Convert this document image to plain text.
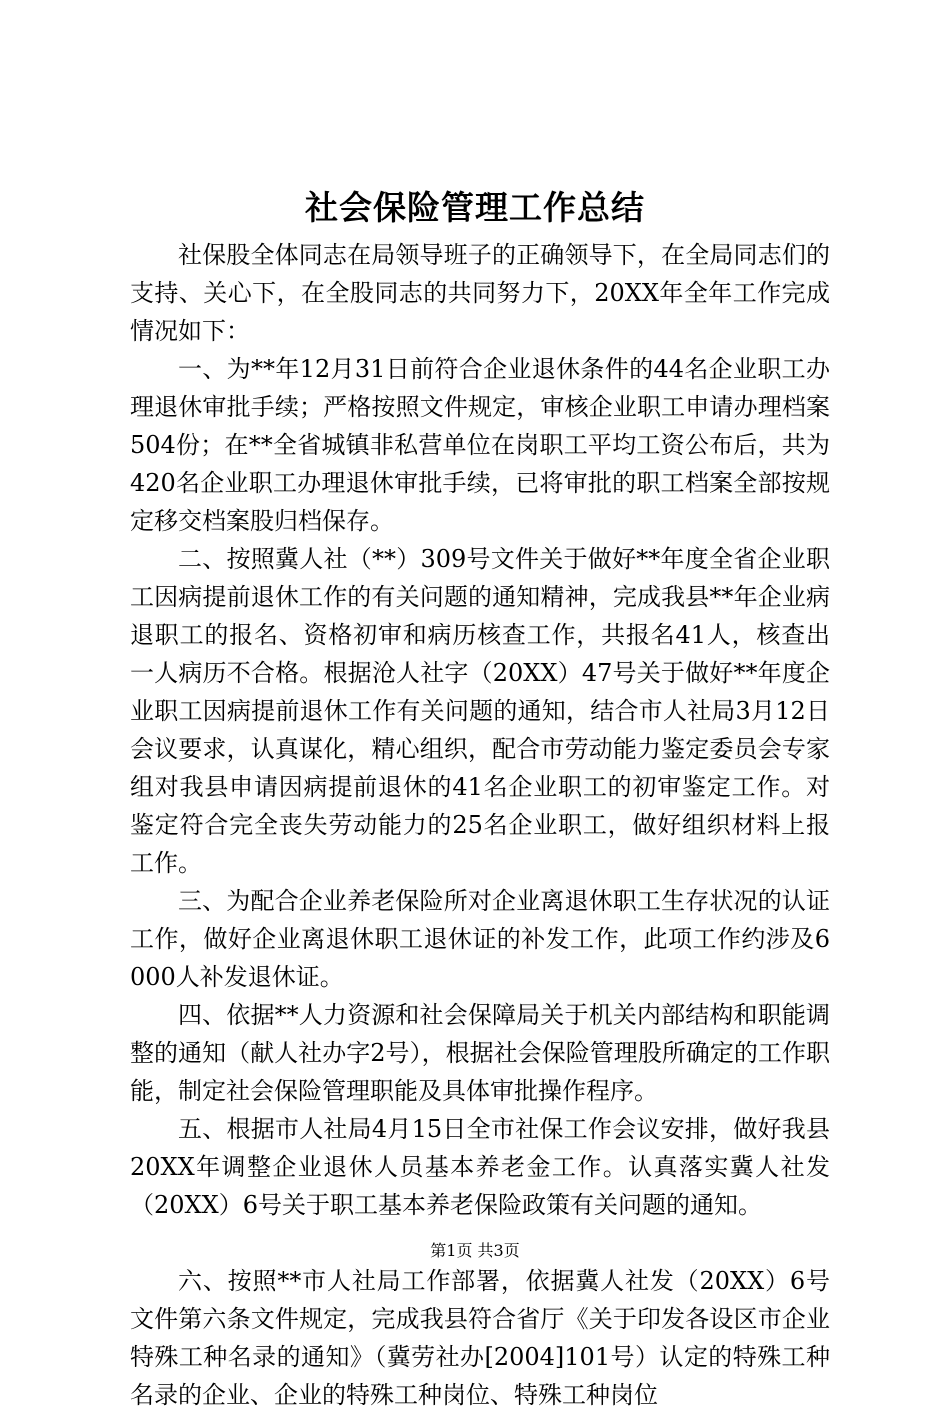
社会保险管理工作总结

社保股全体同志在局领导班子的正确领导下，在全局同志们的支持、关心下，在全股同志的共同努力下，20XX年全年工作完成情况如下：

一、为**年12月31日前符合企业退休条件的44名企业职工办理退休审批手续；严格按照文件规定，审核企业职工申请办理档案504份；在**全省城镇非私营单位在岗职工平均工资公布后，共为420名企业职工办理退休审批手续，已将审批的职工档案全部按规定移交档案股归档保存。

二、按照冀人社（**）309号文件关于做好**年度全省企业职工因病提前退休工作的有关问题的通知精神，完成我县**年企业病退职工的报名、资格初审和病历核查工作，共报名41人，核查出一人病历不合格。根据沧人社字（20XX）47号关于做好**年度企业职工因病提前退休工作有关问题的通知，结合市人社局3月12日会议要求，认真谋化，精心组织，配合市劳动能力鉴定委员会专家组对我县申请因病提前退休的41名企业职工的初审鉴定工作。对鉴定符合完全丧失劳动能力的25名企业职工，做好组织材料上报工作。

三、为配合企业养老保险所对企业离退休职工生存状况的认证工作，做好企业离退休职工退休证的补发工作，此项工作约涉及6000人补发退休证。

四、依据**人力资源和社会保障局关于机关内部结构和职能调整的通知（献人社办字2号），根据社会保险管理股所确定的工作职能，制定社会保险管理职能及具体审批操作程序。

五、根据市人社局4月15日全市社保工作会议安排，做好我县20XX年调整企业退休人员基本养老金工作。认真落实冀人社发（20XX）6号关于职工基本养老保险政策有关问题的通知。

六、按照**市人社局工作部署，依据冀人社发（20XX）6号文件第六条文件规定，完成我县符合省厅《关于印发各设区市企业特殊工种名录的通知》（冀劳社办[2004]101号）认定的特殊工种名录的企业、企业的特殊工种岗位、特殊工种岗位

第1页 共3页
